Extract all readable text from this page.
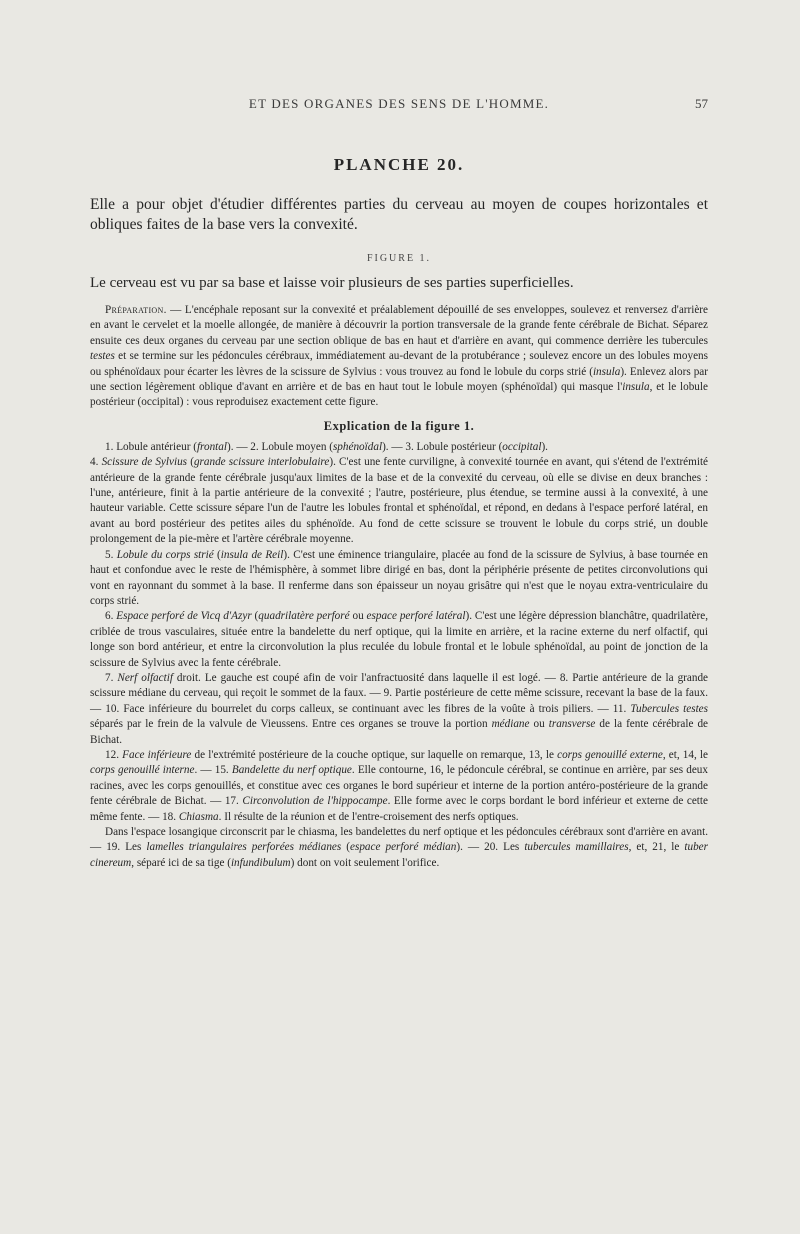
ET DES ORGANES DES SENS DE L'HOMME.	57
PLANCHE 20.

Elle a pour objet d'étudier différentes parties du cerveau au moyen de coupes horizontales et obliques faites de la base vers la convexité.

FIGURE 1.

Le cerveau est vu par sa base et laisse voir plusieurs de ses parties superficielles.

Préparation. — L'encéphale reposant sur la convexité et préalablement dépouillé de ses enveloppes, soulevez et renversez d'arrière en avant le cervelet et la moelle allongée, de manière à découvrir la portion transversale de la grande fente cérébrale de Bichat. Séparez ensuite ces deux organes du cerveau par une section oblique de bas en haut et d'arrière en avant, qui commence derrière les tubercules testes et se termine sur les pédoncules cérébraux, immédiatement au-devant de la protubérance ; soulevez encore un des lobules moyens ou sphénoïdaux pour écarter les lèvres de la scissure de Sylvius : vous trouvez au fond le lobule du corps strié (insula). Enlevez alors par une section légèrement oblique d'avant en arrière et de bas en haut tout le lobule moyen (sphénoïdal) qui masque l'insula, et le lobule postérieur (occipital) : vous reproduisez exactement cette figure.

Explication de la figure 1.

1. Lobule antérieur (frontal). — 2. Lobule moyen (sphénoïdal). — 3. Lobule postérieur (occipital).

4. Scissure de Sylvius (grande scissure interlobulaire). C'est une fente curviligne, à convexité tournée en avant, qui s'étend de l'extrémité antérieure de la grande fente cérébrale jusqu'aux limites de la base et de la convexité du cerveau, où elle se divise en deux branches : l'une, antérieure, finit à la partie antérieure de la convexité ; l'autre, postérieure, plus étendue, se termine aussi à la convexité, à une hauteur variable. Cette scissure sépare l'un de l'autre les lobules frontal et sphénoïdal, et répond, en dedans à l'espace perforé latéral, en avant au bord postérieur des petites ailes du sphénoïde. Au fond de cette scissure se trouvent le lobule du corps strié, un double prolongement de la pie-mère et l'artère cérébrale moyenne.

5. Lobule du corps strié (insula de Reil). C'est une éminence triangulaire, placée au fond de la scissure de Sylvius, à base tournée en haut et confondue avec le reste de l'hémisphère, à sommet libre dirigé en bas, dont la périphérie présente de petites circonvolutions qui vont en rayonnant du sommet à la base. Il renferme dans son épaisseur un noyau grisâtre qui n'est que le noyau extra-ventriculaire du corps strié.

6. Espace perforé de Vicq d'Azyr (quadrilatère perforé ou espace perforé latéral). C'est une légère dépression blanchâtre, quadrilatère, criblée de trous vasculaires, située entre la bandelette du nerf optique, qui la limite en arrière, et la racine externe du nerf olfactif, qui longe son bord antérieur, et entre la circonvolution la plus reculée du lobule frontal et le lobule sphénoïdal, au point de jonction de la scissure de Sylvius avec la fente cérébrale.

7. Nerf olfactif droit. Le gauche est coupé afin de voir l'anfractuosité dans laquelle il est logé. — 8. Partie antérieure de la grande scissure médiane du cerveau, qui reçoit le sommet de la faux. — 9. Partie postérieure de cette même scissure, recevant la base de la faux. — 10. Face inférieure du bourrelet du corps calleux, se continuant avec les fibres de la voûte à trois piliers. — 11. Tubercules testes séparés par le frein de la valvule de Vieussens. Entre ces organes se trouve la portion médiane ou transverse de la fente cérébrale de Bichat.

12. Face inférieure de l'extrémité postérieure de la couche optique, sur laquelle on remarque, 13, le corps genouillé externe, et, 14, le corps genouillé interne. — 15. Bandelette du nerf optique. Elle contourne, 16, le pédoncule cérébral, se continue en arrière, par ses deux racines, avec les corps genouillés, et constitue avec ces organes le bord supérieur et interne de la portion antéro-postérieure de la grande fente cérébrale de Bichat. — 17. Circonvolution de l'hippocampe. Elle forme avec le corps bordant le bord inférieur et externe de cette même fente. — 18. Chiasma. Il résulte de la réunion et de l'entre-croisement des nerfs optiques.

Dans l'espace losangique circonscrit par le chiasma, les bandelettes du nerf optique et les pédoncules cérébraux sont d'arrière en avant. — 19. Les lamelles triangulaires perforées médianes (espace perforé médian). — 20. Les tubercules mamillaires, et, 21, le tuber cinereum, séparé ici de sa tige (infundibulum) dont on voit seulement l'orifice.
